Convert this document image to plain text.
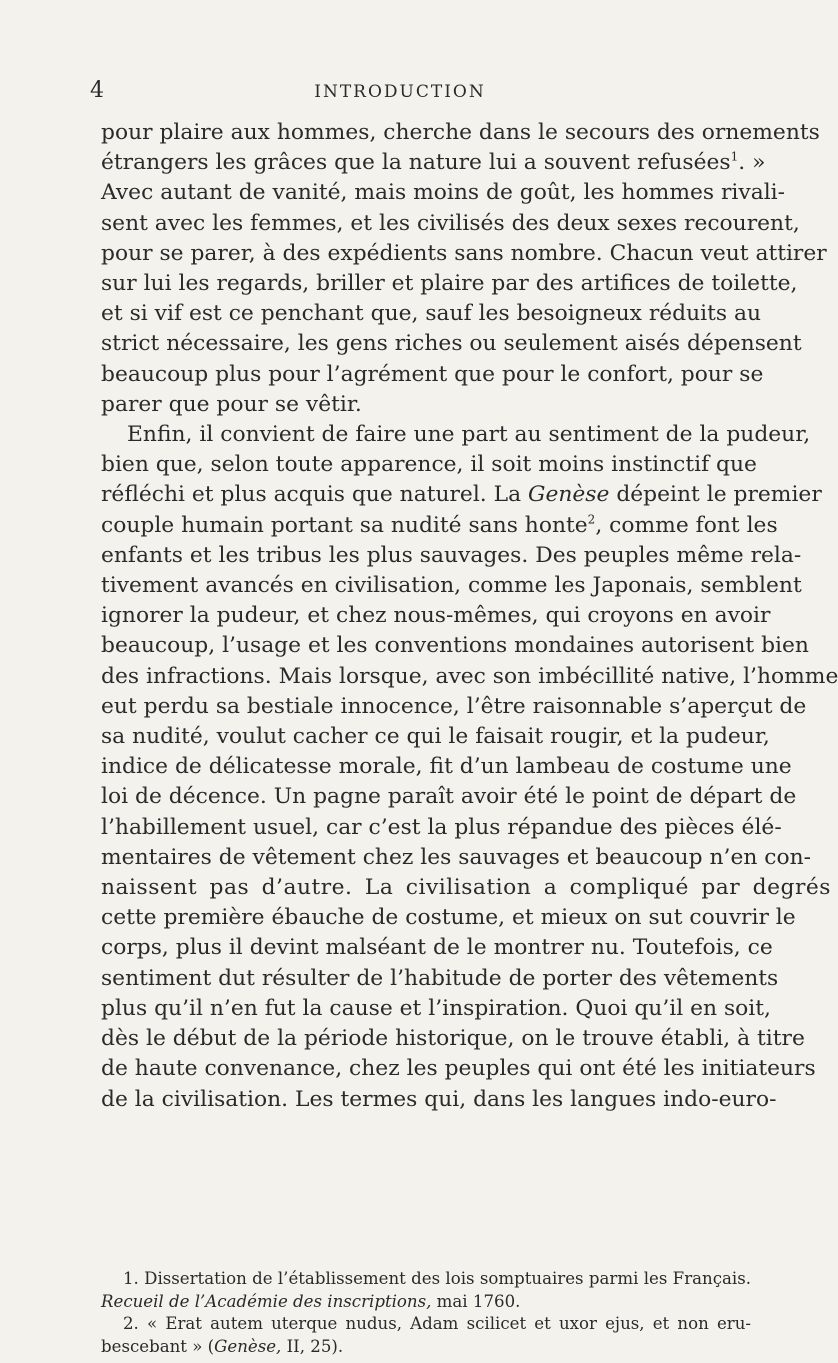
4	INTRODUCTION
pour plaire aux hommes, cherche dans le secours des ornements
étrangers les grâces que la nature lui a souvent refusées$^1$. »
Avec autant de vanité, mais moins de goût, les hommes rivali-
sent avec les femmes, et les civilisés des deux sexes recourent,
pour se parer, à des expédients sans nombre. Chacun veut attirer
sur lui les regards, briller et plaire par des artifices de toilette,
et si vif est ce penchant que, sauf les besoigneux réduits au
strict nécessaire, les gens riches ou seulement aisés dépensent
beaucoup plus pour l’agrément que pour le confort, pour se
parer que pour se vêtir.
Enfin, il convient de faire une part au sentiment de la pudeur,
bien que, selon toute apparence, il soit moins instinctif que
réfléchi et plus acquis que naturel. La Genèse dépeint le premier
couple humain portant sa nudité sans honte$^2$, comme font les
enfants et les tribus les plus sauvages. Des peuples même rela-
tivement avancés en civilisation, comme les Japonais, semblent
ignorer la pudeur, et chez nous-mêmes, qui croyons en avoir
beaucoup, l’usage et les conventions mondaines autorisent bien
des infractions. Mais lorsque, avec son imbécillité native, l’homme
eut perdu sa bestiale innocence, l’être raisonnable s’aperçut de
sa nudité, voulut cacher ce qui le faisait rougir, et la pudeur,
indice de délicatesse morale, fit d’un lambeau de costume une
loi de décence. Un pagne paraît avoir été le point de départ de
l’habillement usuel, car c’est la plus répandue des pièces élé-
mentaires de vêtement chez les sauvages et beaucoup n’en con-
naissent pas d’autre. La civilisation a compliqué par degrés
cette première ébauche de costume, et mieux on sut couvrir le
corps, plus il devint malséant de le montrer nu. Toutefois, ce
sentiment dut résulter de l’habitude de porter des vêtements
plus qu’il n’en fut la cause et l’inspiration. Quoi qu’il en soit,
dès le début de la période historique, on le trouve établi, à titre
de haute convenance, chez les peuples qui ont été les initiateurs
de la civilisation. Les termes qui, dans les langues indo-euro-
1. Dissertation de l’établissement des lois somptuaires parmi les Français.
Recueil de l’Académie des inscriptions, mai 1760.
2. « Erat autem uterque nudus, Adam scilicet et uxor ejus, et non eru-
bescebant » (Genèse, II, 25).
